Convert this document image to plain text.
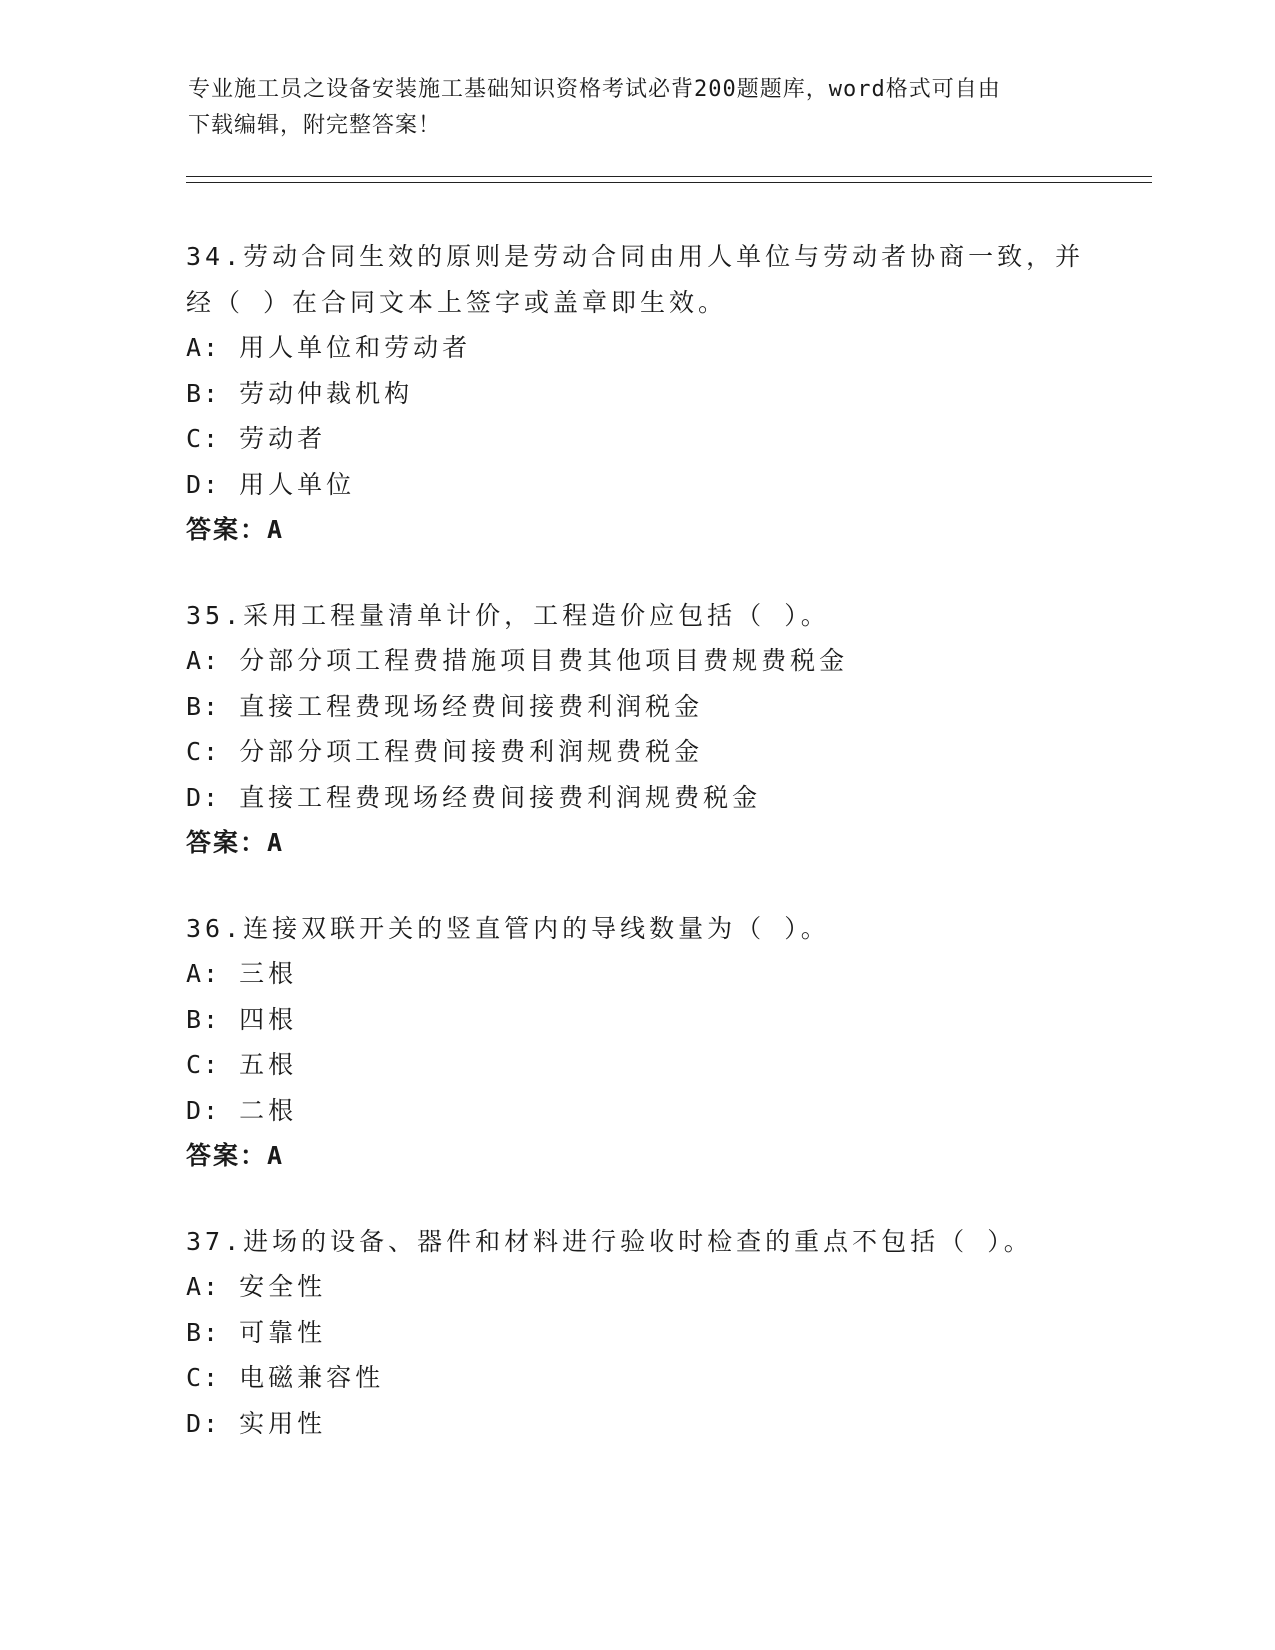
专业施工员之设备安装施工基础知识资格考试必背200题题库，word格式可自由
下载编辑，附完整答案！
34.劳动合同生效的原则是劳动合同由用人单位与劳动者协商一致，并
经（ ）在合同文本上签字或盖章即生效。
A: 用人单位和劳动者
B: 劳动仲裁机构
C: 劳动者
D: 用人单位
答案：A
35.采用工程量清单计价，工程造价应包括（ ）。
A: 分部分项工程费措施项目费其他项目费规费税金
B: 直接工程费现场经费间接费利润税金
C: 分部分项工程费间接费利润规费税金
D: 直接工程费现场经费间接费利润规费税金
答案：A
36.连接双联开关的竖直管内的导线数量为（ ）。
A: 三根
B: 四根
C: 五根
D: 二根
答案：A
37.进场的设备、器件和材料进行验收时检查的重点不包括（ ）。
A: 安全性
B: 可靠性
C: 电磁兼容性
D: 实用性
